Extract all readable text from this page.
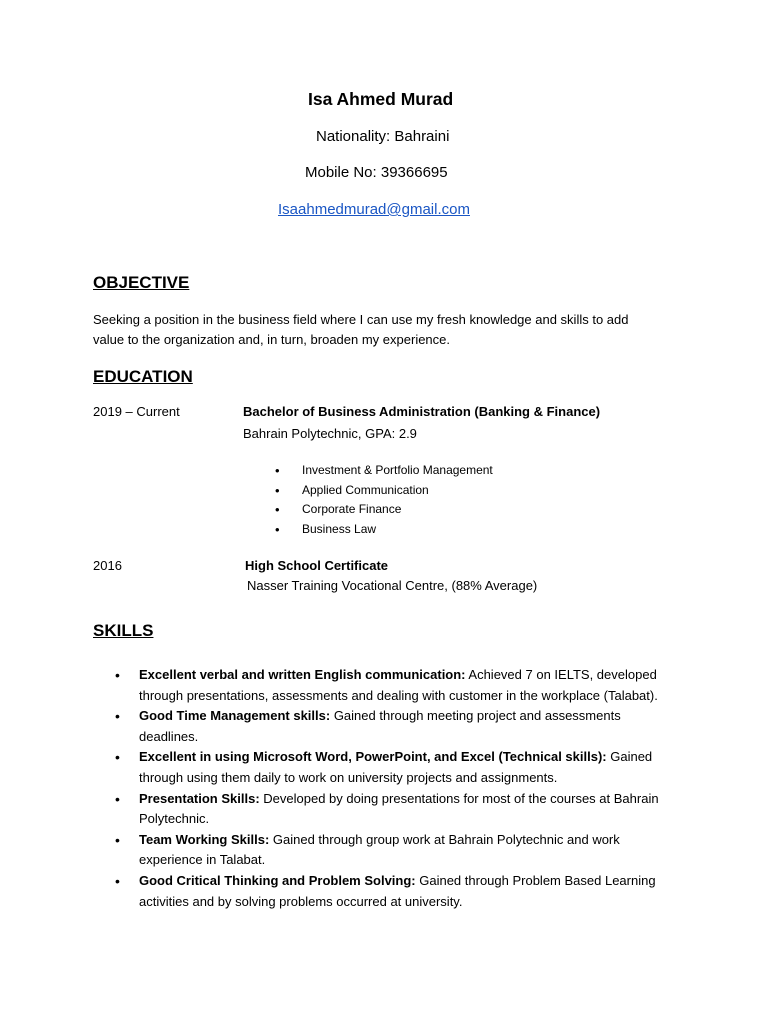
Isa Ahmed Murad
Nationality: Bahraini
Mobile No: 39366695
Isaahmedmurad@gmail.com
OBJECTIVE
Seeking a position in the business field where I can use my fresh knowledge and skills to add
value to the organization and, in turn, broaden my experience.
EDUCATION
2019 – Current	Bachelor of Business Administration (Banking & Finance)
Bahrain Polytechnic, GPA: 2.9
• Investment & Portfolio Management
• Applied Communication
• Corporate Finance
• Business Law
2016	High School Certificate
Nasser Training Vocational Centre, (88% Average)
SKILLS
• Excellent verbal and written English communication: Achieved 7 on IELTS, developed through presentations, assessments and dealing with customer in the workplace (Talabat).
• Good Time Management skills: Gained through meeting project and assessments deadlines.
• Excellent in using Microsoft Word, PowerPoint, and Excel (Technical skills): Gained through using them daily to work on university projects and assignments.
• Presentation Skills: Developed by doing presentations for most of the courses at Bahrain Polytechnic.
• Team Working Skills: Gained through group work at Bahrain Polytechnic and work experience in Talabat.
• Good Critical Thinking and Problem Solving: Gained through Problem Based Learning activities and by solving problems occurred at university.
